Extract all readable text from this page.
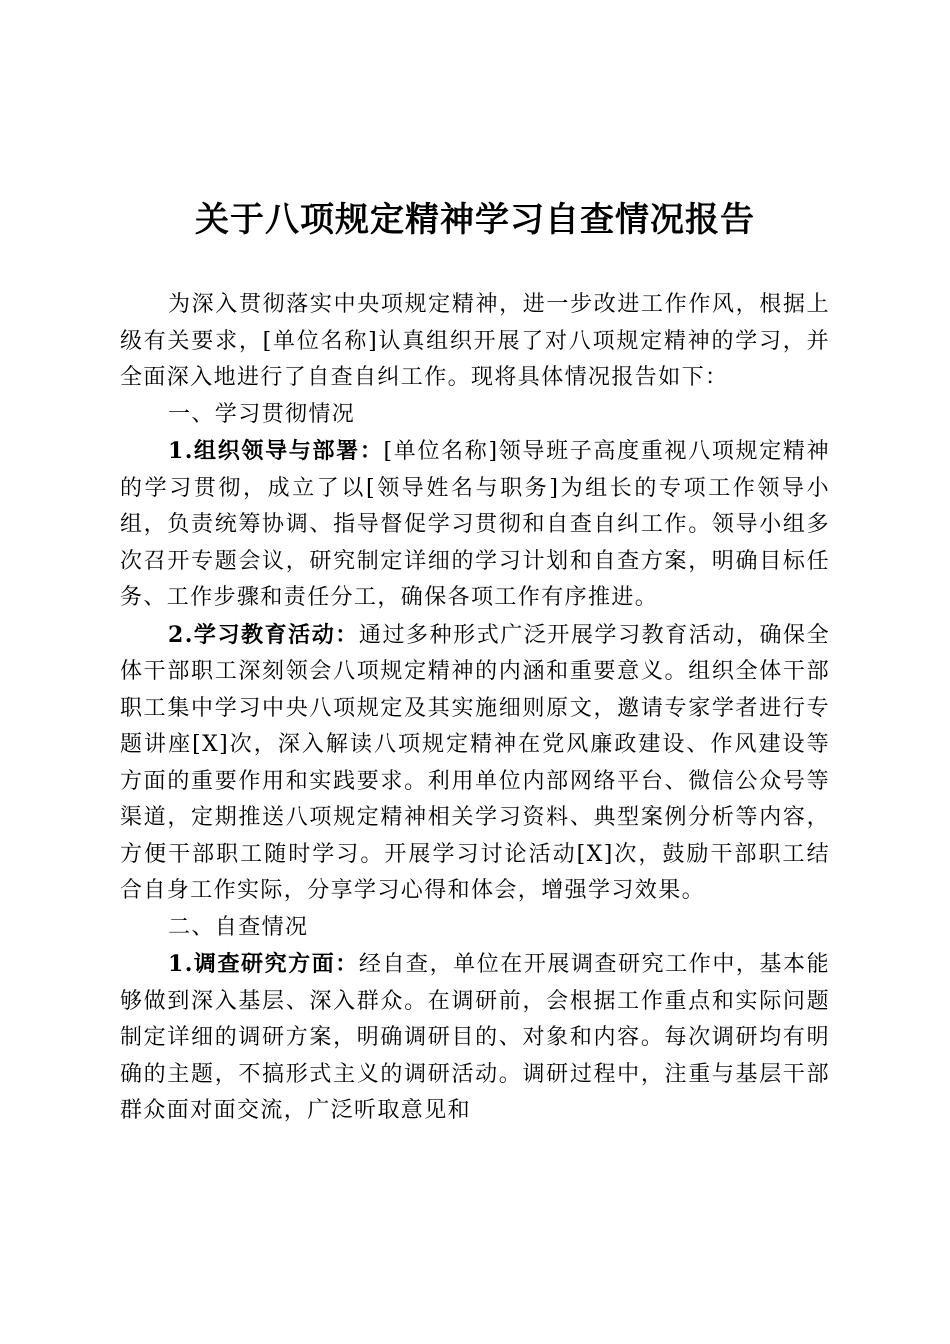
关于八项规定精神学习自查情况报告

为深入贯彻落实中央项规定精神，进一步改进工作作风，根据上级有关要求，[单位名称]认真组织开展了对八项规定精神的学习，并全面深入地进行了自查自纠工作。现将具体情况报告如下：

一、学习贯彻情况

1.组织领导与部署：[单位名称]领导班子高度重视八项规定精神的学习贯彻，成立了以[领导姓名与职务]为组长的专项工作领导小组，负责统筹协调、指导督促学习贯彻和自查自纠工作。领导小组多次召开专题会议，研究制定详细的学习计划和自查方案，明确目标任务、工作步骤和责任分工，确保各项工作有序推进。

2.学习教育活动：通过多种形式广泛开展学习教育活动，确保全体干部职工深刻领会八项规定精神的内涵和重要意义。组织全体干部职工集中学习中央八项规定及其实施细则原文，邀请专家学者进行专题讲座[X]次，深入解读八项规定精神在党风廉政建设、作风建设等方面的重要作用和实践要求。利用单位内部网络平台、微信公众号等渠道，定期推送八项规定精神相关学习资料、典型案例分析等内容，方便干部职工随时学习。开展学习讨论活动[X]次，鼓励干部职工结合自身工作实际，分享学习心得和体会，增强学习效果。

二、自查情况

1.调查研究方面：经自查，单位在开展调查研究工作中，基本能够做到深入基层、深入群众。在调研前，会根据工作重点和实际问题制定详细的调研方案，明确调研目的、对象和内容。每次调研均有明确的主题，不搞形式主义的调研活动。调研过程中，注重与基层干部群众面对面交流，广泛听取意见和
